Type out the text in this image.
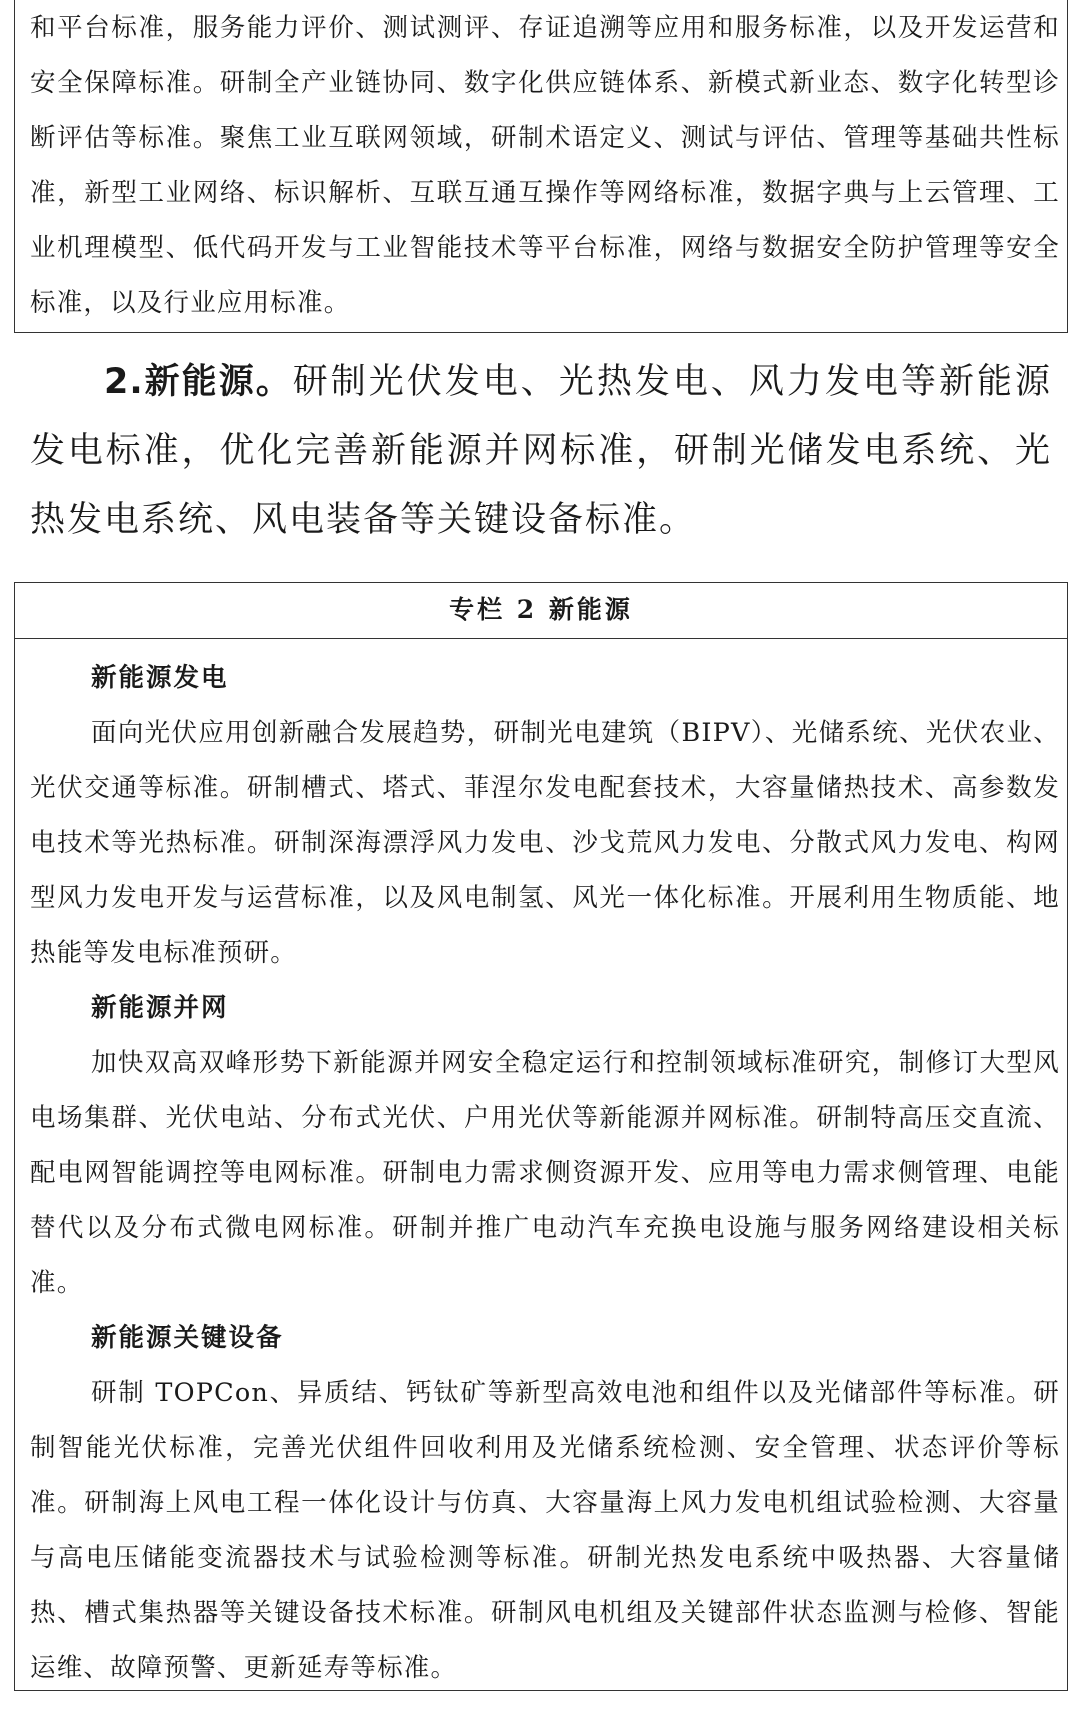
和平台标准，服务能力评价、测试测评、存证追溯等应用和服务标准，以及开发运营和安全保障标准。研制全产业链协同、数字化供应链体系、新模式新业态、数字化转型诊断评估等标准。聚焦工业互联网领域，研制术语定义、测试与评估、管理等基础共性标准，新型工业网络、标识解析、互联互通互操作等网络标准，数据字典与上云管理、工业机理模型、低代码开发与工业智能技术等平台标准，网络与数据安全防护管理等安全标准，以及行业应用标准。
2.新能源。研制光伏发电、光热发电、风力发电等新能源发电标准，优化完善新能源并网标准，研制光储发电系统、光热发电系统、风电装备等关键设备标准。
专栏 2 新能源
新能源发电
面向光伏应用创新融合发展趋势，研制光电建筑（BIPV）、光储系统、光伏农业、光伏交通等标准。研制槽式、塔式、菲涅尔发电配套技术，大容量储热技术、高参数发电技术等光热标准。研制深海漂浮风力发电、沙戈荒风力发电、分散式风力发电、构网型风力发电开发与运营标准，以及风电制氢、风光一体化标准。开展利用生物质能、地热能等发电标准预研。
新能源并网
加快双高双峰形势下新能源并网安全稳定运行和控制领域标准研究，制修订大型风电场集群、光伏电站、分布式光伏、户用光伏等新能源并网标准。研制特高压交直流、配电网智能调控等电网标准。研制电力需求侧资源开发、应用等电力需求侧管理、电能替代以及分布式微电网标准。研制并推广电动汽车充换电设施与服务网络建设相关标准。
新能源关键设备
研制 TOPCon、异质结、钙钛矿等新型高效电池和组件以及光储部件等标准。研制智能光伏标准，完善光伏组件回收利用及光储系统检测、安全管理、状态评价等标准。研制海上风电工程一体化设计与仿真、大容量海上风力发电机组试验检测、大容量与高电压储能变流器技术与试验检测等标准。研制光热发电系统中吸热器、大容量储热、槽式集热器等关键设备技术标准。研制风电机组及关键部件状态监测与检修、智能运维、故障预警、更新延寿等标准。
